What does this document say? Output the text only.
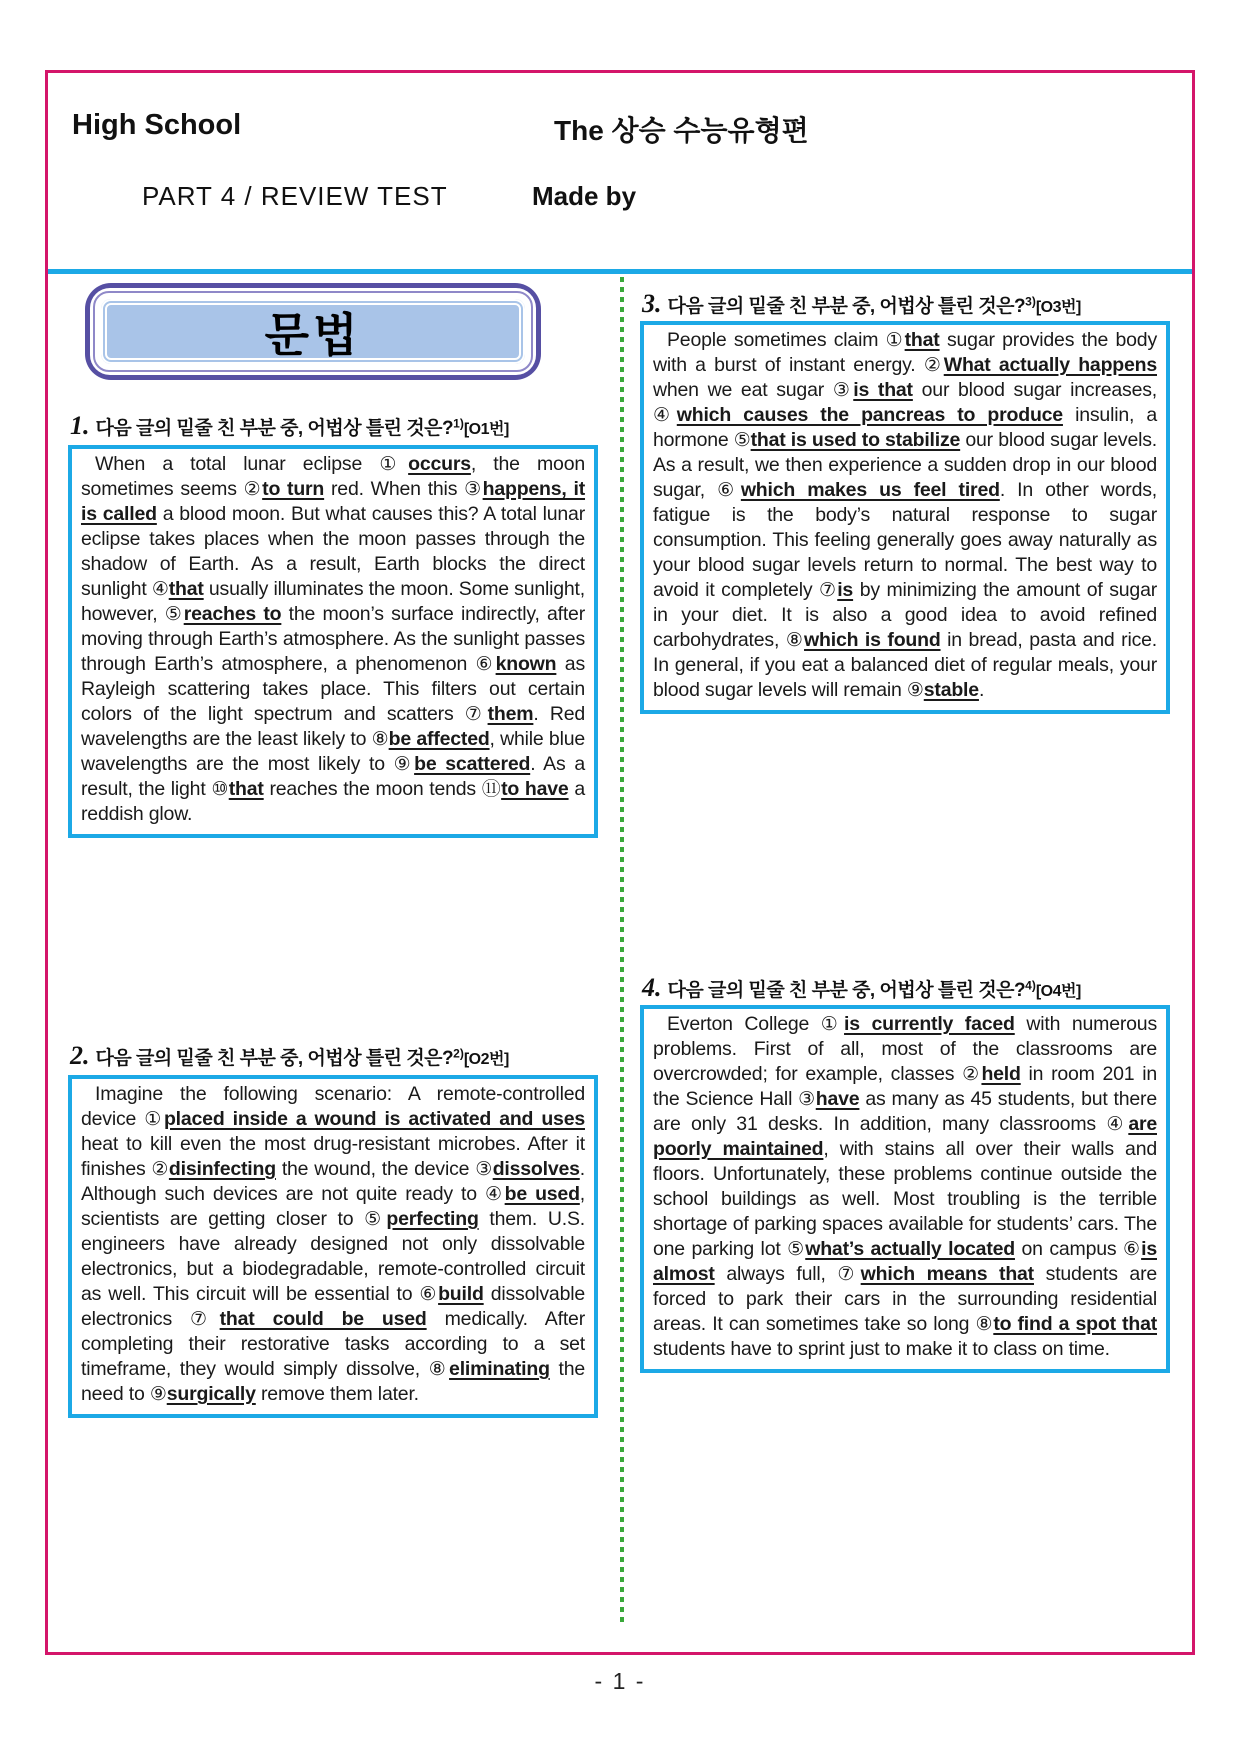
High School	The 상승 수능유형편
PART 4 / REVIEW TEST	Made by
문법
1. 다음 글의 밑줄 친 부분 중, 어법상 틀린 것은?$^{1)}$[O1번]
When a total lunar eclipse ①occurs, the moon sometimes seems ②to turn red. When this ③happens, it is called a blood moon. But what causes this? A total lunar eclipse takes places when the moon passes through the shadow of Earth. As a result, Earth blocks the direct sunlight ④that usually illuminates the moon. Some sunlight, however, ⑤reaches to the moon’s surface indirectly, after moving through Earth’s atmosphere. As the sunlight passes through Earth’s atmosphere, a phenomenon ⑥known as Rayleigh scattering takes place. This filters out certain colors of the light spectrum and scatters ⑦them. Red wavelengths are the least likely to ⑧be affected, while blue wavelengths are the most likely to ⑨be scattered. As a result, the light ⑩that reaches the moon tends ⑪to have a reddish glow.
2. 다음 글의 밑줄 친 부분 중, 어법상 틀린 것은?$^{2)}$[O2번]
Imagine the following scenario: A remote-controlled device ①placed inside a wound is activated and uses heat to kill even the most drug-resistant microbes. After it finishes ②disinfecting the wound, the device ③dissolves. Although such devices are not quite ready to ④be used, scientists are getting closer to ⑤perfecting them. U.S. engineers have already designed not only dissolvable electronics, but a biodegradable, remote-controlled circuit as well. This circuit will be essential to ⑥build dissolvable electronics ⑦that could be used medically. After completing their restorative tasks according to a set timeframe, they would simply dissolve, ⑧eliminating the need to ⑨surgically remove them later.
3. 다음 글의 밑줄 친 부분 중, 어법상 틀린 것은?$^{3)}$[O3번]
People sometimes claim ①that sugar provides the body with a burst of instant energy. ②What actually happens when we eat sugar ③is that our blood sugar increases, ④which causes the pancreas to produce insulin, a hormone ⑤that is used to stabilize our blood sugar levels. As a result, we then experience a sudden drop in our blood sugar, ⑥which makes us feel tired. In other words, fatigue is the body’s natural response to sugar consumption. This feeling generally goes away naturally as your blood sugar levels return to normal. The best way to avoid it completely ⑦is by minimizing the amount of sugar in your diet. It is also a good idea to avoid refined carbohydrates, ⑧which is found in bread, pasta and rice. In general, if you eat a balanced diet of regular meals, your blood sugar levels will remain ⑨stable.
4. 다음 글의 밑줄 친 부분 중, 어법상 틀린 것은?$^{4)}$[O4번]
Everton College ①is currently faced with numerous problems. First of all, most of the classrooms are overcrowded; for example, classes ②held in room 201 in the Science Hall ③have as many as 45 students, but there are only 31 desks. In addition, many classrooms ④are poorly maintained, with stains all over their walls and floors. Unfortunately, these problems continue outside the school buildings as well. Most troubling is the terrible shortage of parking spaces available for students’ cars. The one parking lot ⑤what’s actually located on campus ⑥is almost always full, ⑦which means that students are forced to park their cars in the surrounding residential areas. It can sometimes take so long ⑧to find a spot that students have to sprint just to make it to class on time.
- 1 -
